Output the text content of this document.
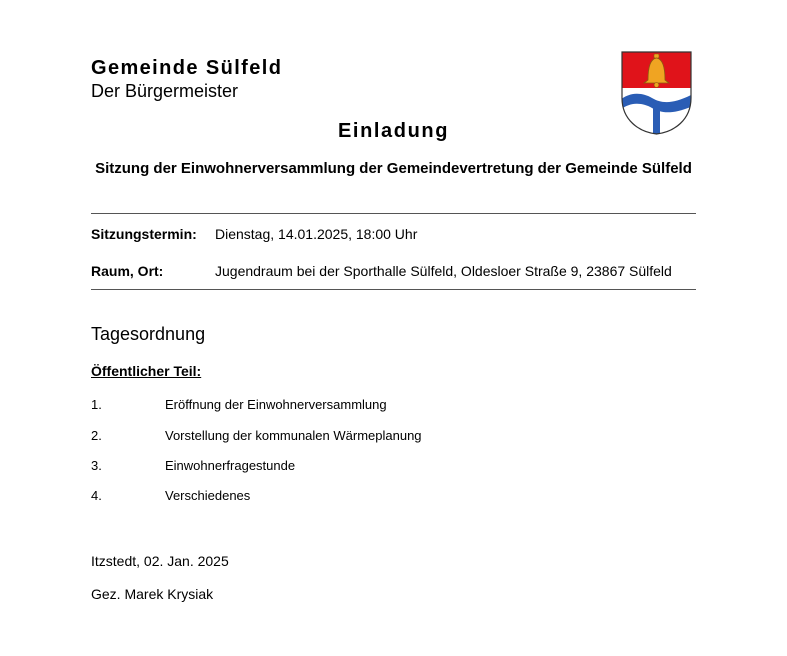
Gemeinde Sülfeld
Der Bürgermeister
Einladung
Sitzung der Einwohnerversammlung der Gemeindevertretung der Gemeinde Sülfeld
Sitzungstermin: Dienstag, 14.01.2025, 18:00 Uhr
Raum, Ort:	Jugendraum bei der Sporthalle Sülfeld, Oldesloer Straße 9, 23867 Sülfeld
Tagesordnung
Öffentlicher Teil:
1.	Eröffnung der Einwohnerversammlung
2.	Vorstellung der kommunalen Wärmeplanung
3.	Einwohnerfragestunde
4.	Verschiedenes
Itzstedt, 02. Jan. 2025
Gez. Marek Krysiak
